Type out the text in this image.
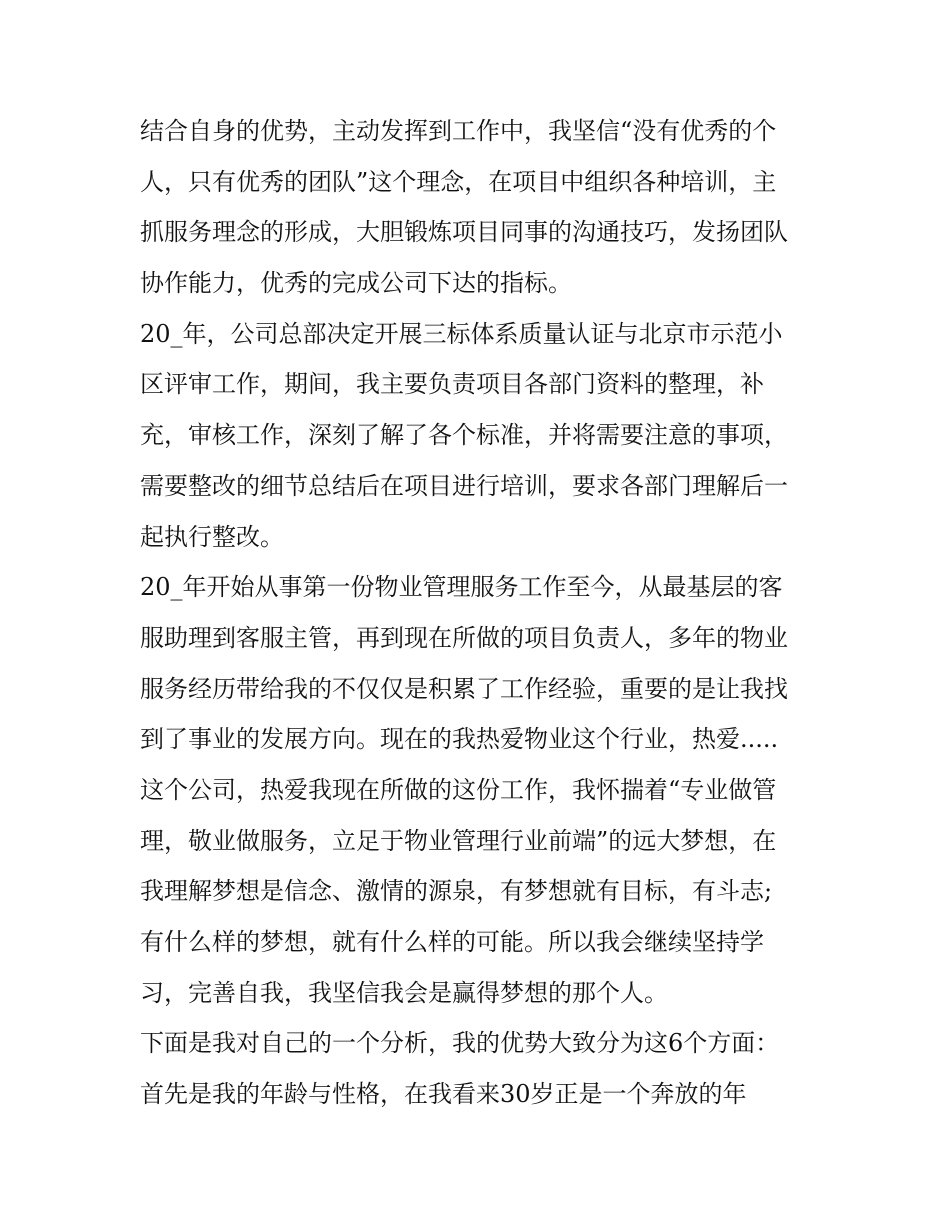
结合自身的优势，主动发挥到工作中，我坚信“没有优秀的个
人，只有优秀的团队”这个理念，在项目中组织各种培训，主
抓服务理念的形成，大胆锻炼项目同事的沟通技巧，发扬团队
协作能力，优秀的完成公司下达的指标。
20_年，公司总部决定开展三标体系质量认证与北京市示范小
区评审工作，期间，我主要负责项目各部门资料的整理，补
充，审核工作，深刻了解了各个标准，并将需要注意的事项，
需要整改的细节总结后在项目进行培训，要求各部门理解后一
起执行整改。
20_年开始从事第一份物业管理服务工作至今，从最基层的客
服助理到客服主管，再到现在所做的项目负责人，多年的物业
服务经历带给我的不仅仅是积累了工作经验，重要的是让我找
到了事业的发展方向。现在的我热爱物业这个行业，热爱.....
这个公司，热爱我现在所做的这份工作，我怀揣着“专业做管
理，敬业做服务，立足于物业管理行业前端”的远大梦想，在
我理解梦想是信念、激情的源泉，有梦想就有目标，有斗志;
有什么样的梦想，就有什么样的可能。所以我会继续坚持学
习，完善自我，我坚信我会是赢得梦想的那个人。
下面是我对自己的一个分析，我的优势大致分为这6个方面：
首先是我的年龄与性格，在我看来30岁正是一个奔放的年
